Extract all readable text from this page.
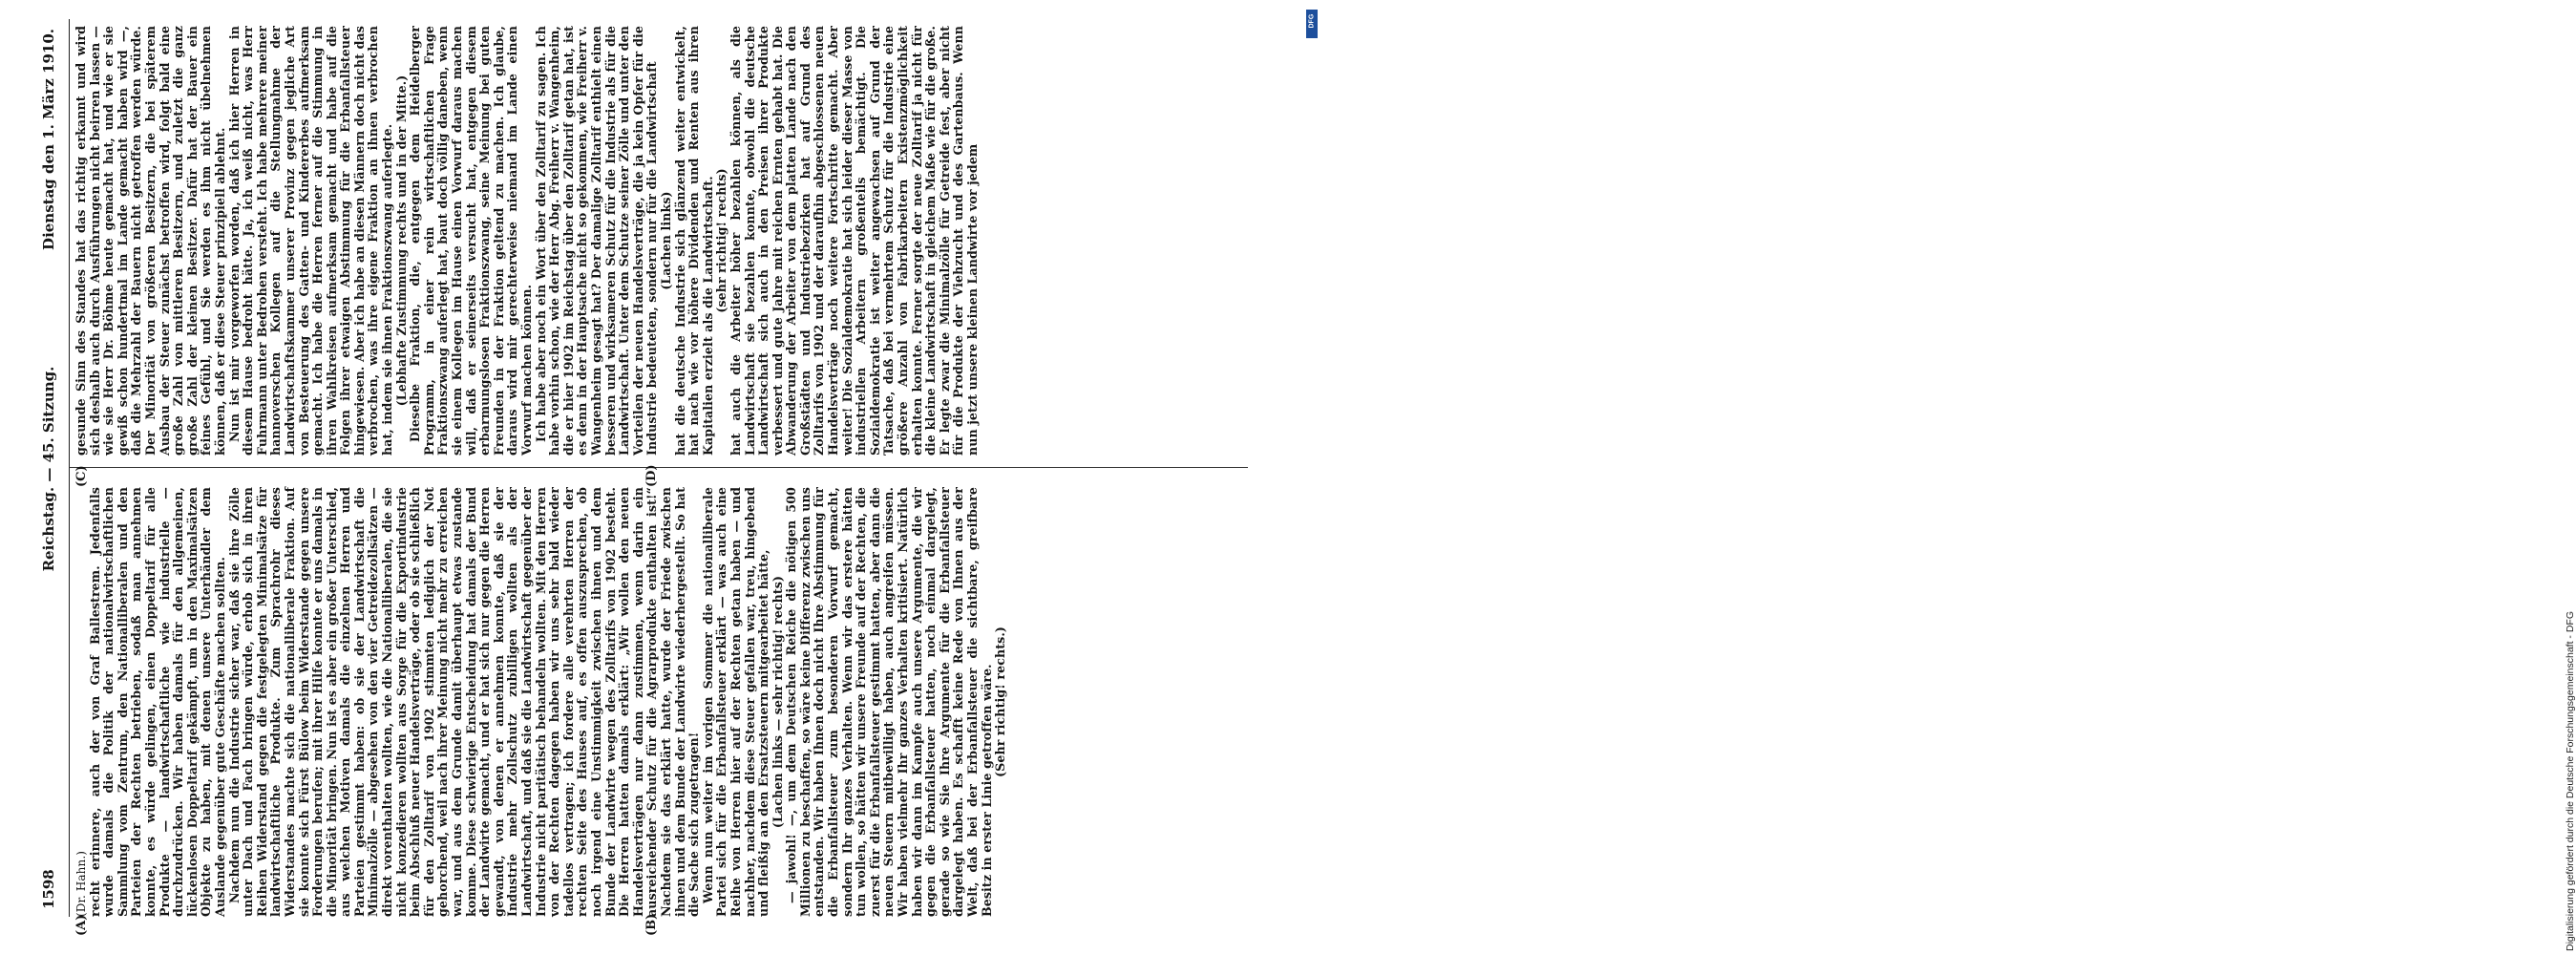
1598
Reichstag. — 45. Sitzung.
Dienstag den 1. März 1910.
(A)	(B)
(C)	(D)

(Dr. Hahn.) recht erinnere, auch der von Graf Ballestrem. Jedenfalls wurde damals die Politik der nationalwirtschaftlichen Sammlung vom Zentrum, den Nationalliberalen und den Parteien der Rechten betrieben, sodaß man annehmen konnte, es würde gelingen, einen Doppeltarif für alle Produkte — landwirtschaftliche wie industrielle — durchzudrücken. Wir haben damals für den allgemeinen, lückenlosen Doppeltarif gekämpft, um in den Maximalsätzen Objekte zu haben, mit denen unsere Unterhändler dem Auslande gegenüber gute Geschäfte machen sollten. Nachdem nun die Industrie sicher war, daß sie ihre Zölle unter Dach und Fach bringen würde, erhob sich in ihren Reihen Widerstand gegen die festgelegten Minimalsätze für landwirtschaftliche Produkte. Zum Sprachrohr dieses Widerstandes machte sich die nationalliberale Fraktion. Auf sie konnte sich Fürst Bülow beim Widerstande gegen unsere Forderungen berufen; mit ihrer Hilfe konnte er uns damals in die Minorität bringen. Nun ist es aber ein großer Unterschied, aus welchen Motiven damals die einzelnen Herren und Parteien gestimmt haben: ob sie der Landwirtschaft die Minimalzölle — abgesehen von den vier Getreidezollsätzen — direkt vorenthalten wollten, wie die Nationalliberalen, die sie nicht konzedieren wollten aus Sorge für die Exportindustrie beim Abschluß neuer Handelsverträge, oder ob sie schließlich für den Zolltarif von 1902 stimmten lediglich der Not gehorchend, weil nach ihrer Meinung nicht mehr zu erreichen war, und aus dem Grunde damit überhaupt etwas zustande komme. Diese schwierige Entscheidung hat damals der Bund der Landwirte gemacht, und er hat sich nur gegen die Herren gewandt, von denen er annehmen konnte, daß sie der Industrie mehr Zollschutz zubilligen wollten als der Landwirtschaft, und daß sie die Landwirtschaft gegenüber der Industrie nicht paritätisch behandeln wollten. Mit den Herren von der Rechten dagegen haben wir uns sehr bald wieder tadellos vertragen; ich fordere alle verehrten Herren der rechten Seite des Hauses auf, es offen auszusprechen, ob noch irgend eine Unstimmigkeit zwischen ihnen und dem Bunde der Landwirte wegen des Zolltarifs von 1902 besteht. Die Herren hatten damals erklärt: „Wir wollen den neuen Handelsverträgen nur dann zustimmen, wenn darin ein ausreichender Schutz für die Agrarprodukte enthalten ist!“ Nachdem sie das erklärt hatte, wurde der Friede zwischen ihnen und dem Bunde der Landwirte wiederhergestellt. So hat die Sache sich zugetragen! Wenn nun weiter im vorigen Sommer die nationalliberale Partei sich für die Erbanfallsteuer erklärt — was auch eine Reihe von Herren hier auf der Rechten getan haben — und nachher, nachdem diese Steuer gefallen war, treu, hingebend und fleißig an den Ersatzsteuern mitgearbeitet hätte, (Lachen links — sehr richtig! rechts) — jawohl! —, um dem Deutschen Reiche die nötigen 500 Millionen zu beschaffen, so wäre keine Differenz zwischen uns entstanden. Wir haben Ihnen doch nicht Ihre Abstimmung für die Erbanfallsteuer zum besonderen Vorwurf gemacht, sondern Ihr ganzes Verhalten. Wenn wir das erstere hätten tun wollen, so hätten wir unsere Freunde auf der Rechten, die zuerst für die Erbanfallsteuer gestimmt hatten, aber dann die neuen Steuern mitbewilligt haben, auch angreifen müssen. Wir haben vielmehr Ihr ganzes Verhalten kritisiert. Natürlich haben wir dann im Kampfe auch unsere Argumente, die wir gegen die Erbanfallsteuer hatten, noch einmal dargelegt, gerade so wie Sie Ihre Argumente für die Erbanfallsteuer dargelegt haben. Es schafft keine Rede von Ihnen aus der Welt, daß bei der Erbanfallsteuer die sichtbare, greifbare Besitz in erster Linie getroffen wäre. (Sehr richtig! rechts.)

gesunde Sinn des Standes hat das richtig erkannt und wird sich deshalb auch durch Ausführungen nicht beirren lassen — wie sie Herr Dr. Böhme heute gemacht hat, und wie er sie gewiß schon hundertmal im Lande gemacht haben wird —, daß die Mehrzahl der Bauern nicht getroffen werden würde. Der Minorität von größeren Besitzern, die bei späterem Ausbau der Steuer zunächst betroffen wird, folgt bald eine große Zahl von mittleren Besitzern, und zuletzt die ganz große Zahl der kleinen Besitzer. Dafür hat der Bauer ein feines Gefühl, und Sie werden es ihm nicht übelnehmen können, daß er diese Steuer prinzipiell ablehnt. Nun ist mir vorgeworfen worden, daß ich hier Herren in diesem Hause bedroht hätte. Ja, ich weiß nicht, was Herr Fuhrmann unter Bedrohen versteht. Ich habe mehrere meiner hannoverschen Kollegen auf die Stellungnahme der Landwirtschaftskammer unserer Provinz gegen jegliche Art von Besteuerung des Gatten- und Kindererbes aufmerksam gemacht. Ich habe die Herren ferner auf die Stimmung in ihren Wahlkreisen aufmerksam gemacht und habe auf die Folgen ihrer etwaigen Abstimmung für die Erbanfallsteuer hingewiesen. Aber ich habe an diesen Männern doch nicht das verbrochen, was ihre eigene Fraktion an ihnen verbrochen hat, indem sie ihnen Fraktionszwang auferlegte. (Lebhafte Zustimmung rechts und in der Mitte.) Dieselbe Fraktion, die, entgegen dem Heidelberger Programm, in einer rein wirtschaftlichen Frage Fraktionszwang auferlegt hat, baut doch völlig daneben, wenn sie einem Kollegen im Hause einen Vorwurf daraus machen will, daß er seinerseits versucht hat, entgegen diesem erbarmungslosen Fraktionszwang, seine Meinung bei guten Freunden in der Fraktion geltend zu machen. Ich glaube, daraus wird mir gerechterweise niemand im Lande einen Vorwurf machen können. Ich habe aber noch ein Wort über den Zolltarif zu sagen. Ich habe vorhin schon, wie der Herr Abg. Freiherr v. Wangenheim, die er hier 1902 im Reichstag über den Zolltarif getan hat, ist es denn in der Hauptsache nicht so gekommen, wie Freiherr v. Wangenheim gesagt hat? Der damalige Zolltarif enthielt einen besseren und wirksameren Schutz für die Industrie als für die Landwirtschaft. Unter dem Schutze seiner Zölle und unter den Vorteilen der neuen Handelsverträge, die ja kein Opfer für die Industrie bedeuteten, sondern nur für die Landwirtschaft (Lachen links) hat die deutsche Industrie sich glänzend weiter entwickelt, hat nach wie vor höhere Dividenden und Renten aus ihren Kapitalien erzielt als die Landwirtschaft. (sehr richtig! rechts) hat auch die Arbeiter höher bezahlen können, als die Landwirtschaft sie bezahlen konnte, obwohl die deutsche Landwirtschaft sich auch in den Preisen ihrer Produkte verbessert und gute Jahre mit reichen Ernten gehabt hat. Die Abwanderung der Arbeiter von dem platten Lande nach den Großstädten und Industriebezirken hat auf Grund des Zolltarifs von 1902 und der daraufhin abgeschlossenen neuen Handelsverträge noch weitere Fortschritte gemacht. Aber weiter! Die Sozialdemokratie hat sich leider dieser Masse von industriellen Arbeitern großenteils bemächtigt. Die Sozialdemokratie ist weiter angewachsen auf Grund der Tatsache, daß bei vermehrtem Schutz für die Industrie eine größere Anzahl von Fabrikarbeitern Existenzmöglichkeit erhalten konnte. Ferner sorgte der neue Zolltarif ja nicht für die kleine Landwirtschaft in gleichem Maße wie für die große. Er legte zwar die Minimalzölle für Getreide fest, aber nicht für die Produkte der Viehzucht und des Gartenbaus. Wenn nun jetzt unsere kleinen Landwirte vor jedem

Digitalisierung gefördert durch die Deutsche Forschungsgemeinschaft - DFG
DFG
